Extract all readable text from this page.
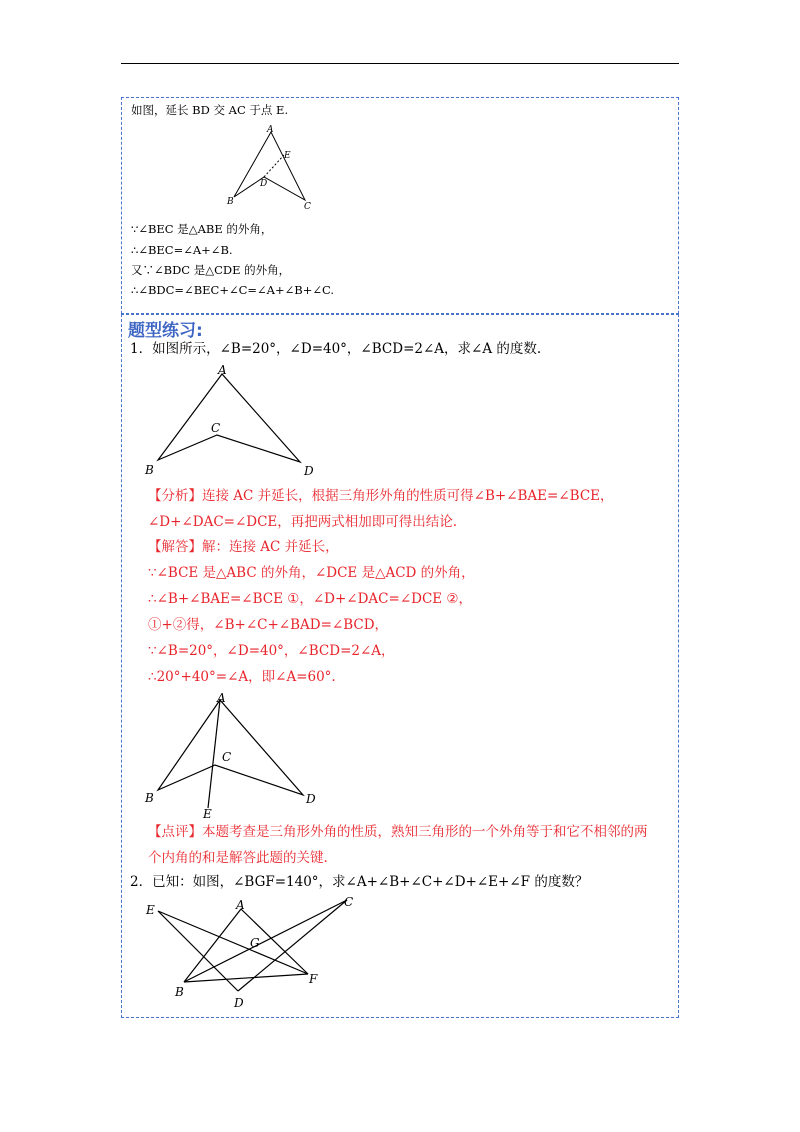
如图，延长 BD 交 AC 于点 E.
A
B	C
D
E
∵∠BEC 是△ABE 的外角，
∴∠BEC=∠A+∠B.
又∵∠BDC 是△CDE 的外角，
∴∠BDC=∠BEC+∠C=∠A+∠B+∠C.
题型练习:
1．如图所示，∠B=20°，∠D=40°，∠BCD=2∠A，求∠A 的度数.
A
B
C
D
【分析】连接 AC 并延长，根据三角形外角的性质可得∠B+∠BAE=∠BCE，
∠D+∠DAC=∠DCE，再把两式相加即可得出结论.
【解答】解：连接 AC 并延长，
∵∠BCE 是△ABC 的外角，∠DCE 是△ACD 的外角，
∴∠B+∠BAE=∠BCE ①，∠D+∠DAC=∠DCE ②，
①+②得，∠B+∠C+∠BAD=∠BCD，
∵∠B=20°，∠D=40°，∠BCD=2∠A，
∴20°+40°=∠A，即∠A=60°.
A
B
C
D
E
【点评】本题考查是三角形外角的性质，熟知三角形的一个外角等于和它不相邻的两
个内角的和是解答此题的关键.
2．已知：如图，∠BGF=140°，求∠A+∠B+∠C+∠D+∠E+∠F 的度数？
E	A	C
G
F
B
D
